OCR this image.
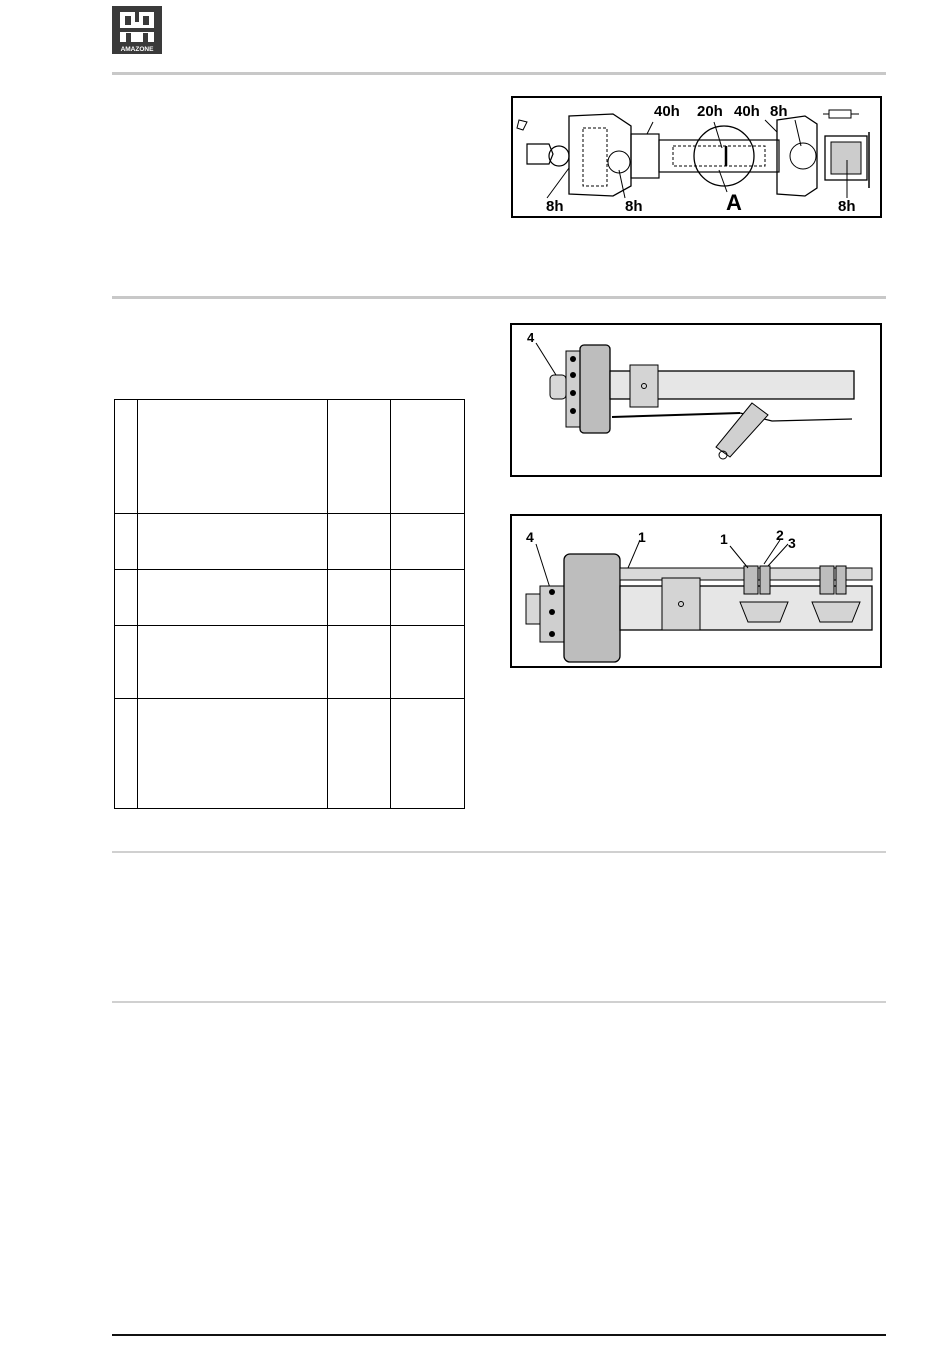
AMAZONE
40h 20h 40h 8h
8h	8h	A	8h
4
4	1	1	2 3
